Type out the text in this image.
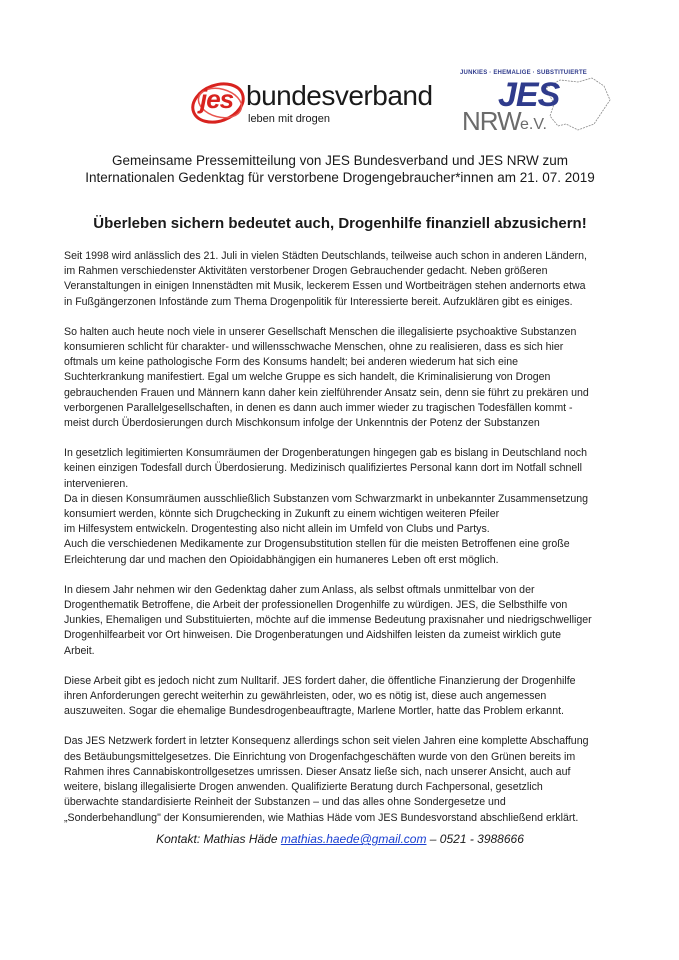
jes bundesverband
leben mit drogen
JUNKIES · EHEMALIGE · SUBSTITUIERTE
JES
NRW e.V.
Gemeinsame Pressemitteilung von JES Bundesverband und JES NRW zum
Internationalen Gedenktag für verstorbene Drogengebraucher*innen am 21. 07. 2019
Überleben sichern bedeutet auch, Drogenhilfe finanziell abzusichern!

Seit 1998 wird anlässlich des 21. Juli in vielen Städten Deutschlands, teilweise auch schon in anderen Ländern,
im Rahmen verschiedenster Aktivitäten verstorbener Drogen Gebrauchender gedacht. Neben größeren
Veranstaltungen in einigen Innenstädten mit Musik, leckerem Essen und Wortbeiträgen stehen andernorts etwa
in Fußgängerzonen Infostände zum Thema Drogenpolitik für Interessierte bereit. Aufzuklären gibt es einiges.

So halten auch heute noch viele in unserer Gesellschaft Menschen die illegalisierte psychoaktive Substanzen
konsumieren schlicht für charakter- und willensschwache Menschen, ohne zu realisieren, dass es sich hier
oftmals um keine pathologische Form des Konsums handelt; bei anderen wiederum hat sich eine
Suchterkrankung manifestiert. Egal um welche Gruppe es sich handelt, die Kriminalisierung von Drogen
gebrauchenden Frauen und Männern kann daher kein zielführender Ansatz sein, denn sie führt zu prekären und
verborgenen Parallelgesellschaften, in denen es dann auch immer wieder zu tragischen Todesfällen kommt -
meist durch Überdosierungen durch Mischkonsum infolge der Unkenntnis der Potenz der Substanzen

In gesetzlich legitimierten Konsumräumen der Drogenberatungen hingegen gab es bislang in Deutschland noch
keinen einzigen Todesfall durch Überdosierung. Medizinisch qualifiziertes Personal kann dort im Notfall schnell
intervenieren.
Da in diesen Konsumräumen ausschließlich Substanzen vom Schwarzmarkt in unbekannter Zusammensetzung
konsumiert werden, könnte sich Drugchecking in Zukunft zu einem wichtigen weiteren Pfeiler
im Hilfesystem entwickeln. Drogentesting also nicht allein im Umfeld von Clubs und Partys.
Auch die verschiedenen Medikamente zur Drogensubstitution stellen für die meisten Betroffenen eine große
Erleichterung dar und machen den Opioidabhängigen ein humaneres Leben oft erst möglich.

In diesem Jahr nehmen wir den Gedenktag daher zum Anlass, als selbst oftmals unmittelbar von der
Drogenthematik Betroffene, die Arbeit der professionellen Drogenhilfe zu würdigen. JES, die Selbsthilfe von
Junkies, Ehemaligen und Substituierten, möchte auf die immense Bedeutung praxisnaher und niedrigschwelliger
Drogenhilfearbeit vor Ort hinweisen. Die Drogenberatungen und Aidshilfen leisten da zumeist wirklich gute
Arbeit.

Diese Arbeit gibt es jedoch nicht zum Nulltarif. JES fordert daher, die öffentliche Finanzierung der Drogenhilfe
ihren Anforderungen gerecht weiterhin zu gewährleisten, oder, wo es nötig ist, diese auch angemessen
auszuweiten. Sogar die ehemalige Bundesdrogenbeauftragte, Marlene Mortler, hatte das Problem erkannt.

Das JES Netzwerk fordert in letzter Konsequenz allerdings schon seit vielen Jahren eine komplette Abschaffung
des Betäubungsmittelgesetzes. Die Einrichtung von Drogenfachgeschäften wurde von den Grünen bereits im
Rahmen ihres Cannabiskontrollgesetzes umrissen. Dieser Ansatz ließe sich, nach unserer Ansicht, auch auf
weitere, bislang illegalisierte Drogen anwenden. Qualifizierte Beratung durch Fachpersonal, gesetzlich
überwachte standardisierte Reinheit der Substanzen – und das alles ohne Sondergesetze und
„Sonderbehandlung" der Konsumierenden, wie Mathias Häde vom JES Bundesvorstand abschließend erklärt.

Kontakt: Mathias Häde mathias.haede@gmail.com – 0521 - 3988666
